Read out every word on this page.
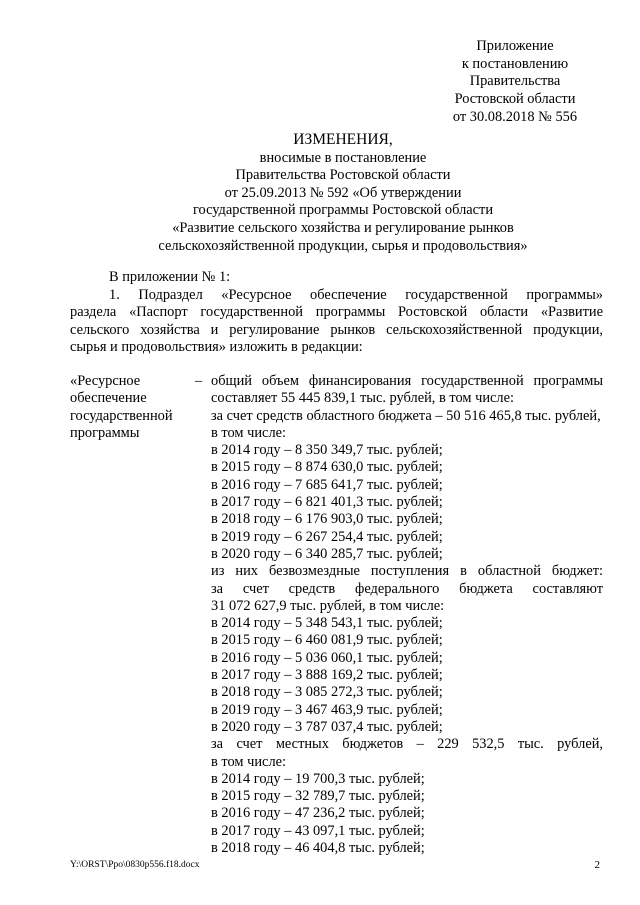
Приложение
к постановлению
Правительства
Ростовской области
от 30.08.2018 № 556
ИЗМЕНЕНИЯ,
вносимые в постановление
Правительства Ростовской области
от 25.09.2013 № 592 «Об утверждении
государственной программы Ростовской области
«Развитие сельского хозяйства и регулирование рынков
сельскохозяйственной продукции, сырья и продовольствия»
В приложении № 1:
1. Подраздел «Ресурсное обеспечение государственной программы»
раздела «Паспорт государственной программы Ростовской области «Развитие
сельского хозяйства и регулирование рынков сельскохозяйственной продукции,
сырья и продовольствия» изложить в редакции:
«Ресурсное
обеспечение
государственной
программы
– общий объем финансирования государственной программы
составляет 55 445 839,1 тыс. рублей, в том числе:
за счет средств областного бюджета – 50 516 465,8 тыс. рублей,
в том числе:
в 2014 году – 8 350 349,7 тыс. рублей;
в 2015 году – 8 874 630,0 тыс. рублей;
в 2016 году – 7 685 641,7 тыс. рублей;
в 2017 году – 6 821 401,3 тыс. рублей;
в 2018 году – 6 176 903,0 тыс. рублей;
в 2019 году – 6 267 254,4 тыс. рублей;
в 2020 году – 6 340 285,7 тыс. рублей;
из них безвозмездные поступления в областной бюджет:
за счет средств федерального бюджета составляют
31 072 627,9 тыс. рублей, в том числе:
в 2014 году – 5 348 543,1 тыс. рублей;
в 2015 году – 6 460 081,9 тыс. рублей;
в 2016 году – 5 036 060,1 тыс. рублей;
в 2017 году – 3 888 169,2 тыс. рублей;
в 2018 году – 3 085 272,3 тыс. рублей;
в 2019 году – 3 467 463,9 тыс. рублей;
в 2020 году – 3 787 037,4 тыс. рублей;
за счет местных бюджетов – 229 532,5 тыс. рублей,
в том числе:
в 2014 году – 19 700,3 тыс. рублей;
в 2015 году – 32 789,7 тыс. рублей;
в 2016 году – 47 236,2 тыс. рублей;
в 2017 году – 43 097,1 тыс. рублей;
в 2018 году – 46 404,8 тыс. рублей;
Y:\ORST\Ppo\0830p556.f18.docx	2
